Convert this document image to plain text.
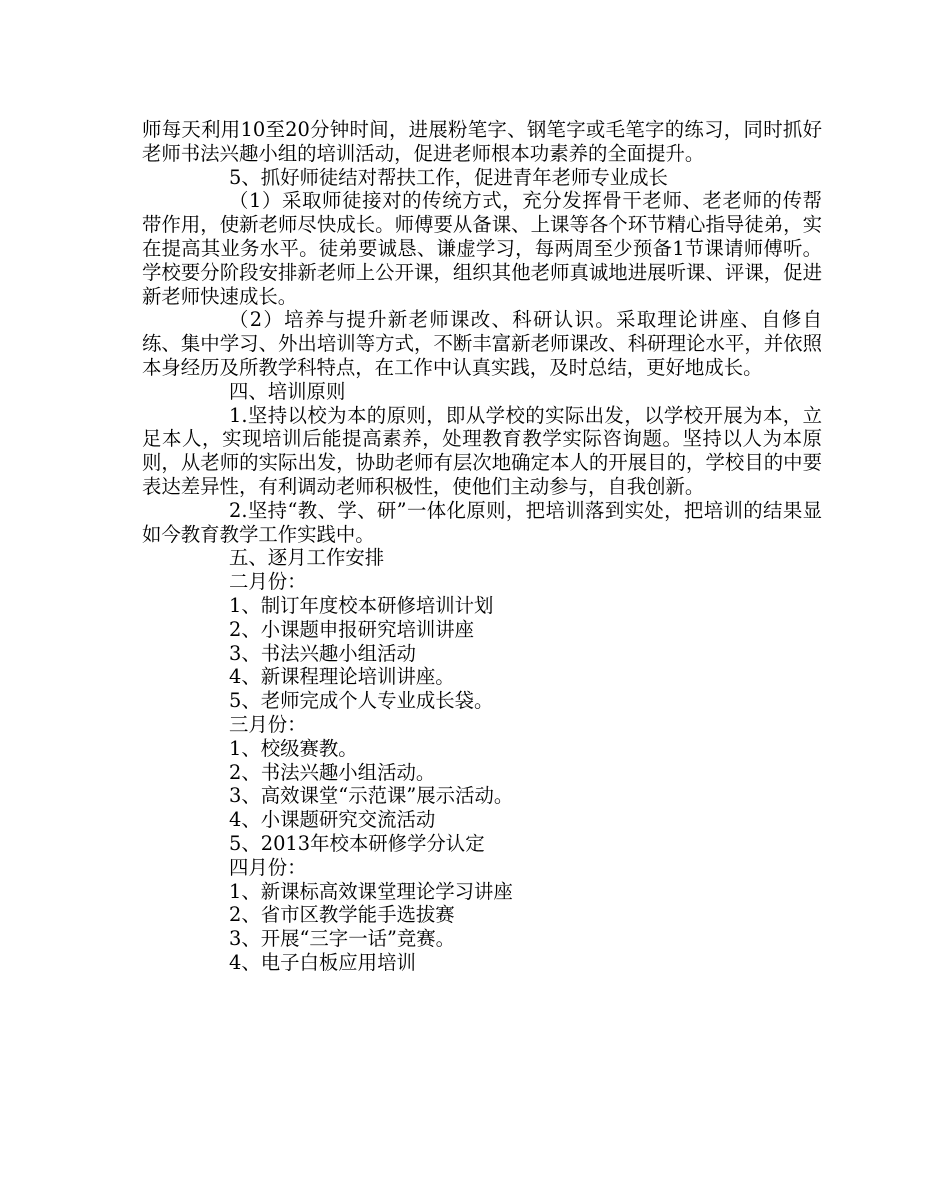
师每天利用10至20分钟时间，进展粉笔字、钢笔字或毛笔字的练习，同时抓好老师书法兴趣小组的培训活动，促进老师根本功素养的全面提升。

5、抓好师徒结对帮扶工作，促进青年老师专业成长

（1）采取师徒接对的传统方式，充分发挥骨干老师、老老师的传帮带作用，使新老师尽快成长。师傅要从备课、上课等各个环节精心指导徒弟，实在提高其业务水平。徒弟要诚恳、谦虚学习，每两周至少预备1节课请师傅听。学校要分阶段安排新老师上公开课，组织其他老师真诚地进展听课、评课，促进新老师快速成长。

（2）培养与提升新老师课改、科研认识。采取理论讲座、自修自练、集中学习、外出培训等方式，不断丰富新老师课改、科研理论水平，并依照本身经历及所教学科特点，在工作中认真实践，及时总结，更好地成长。

四、培训原则

1.坚持以校为本的原则，即从学校的实际出发，以学校开展为本，立足本人，实现培训后能提高素养，处理教育教学实际咨询题。坚持以人为本原则，从老师的实际出发，协助老师有层次地确定本人的开展目的，学校目的中要表达差异性，有利调动老师积极性，使他们主动参与，自我创新。

2.坚持“教、学、研”一体化原则，把培训落到实处，把培训的结果显如今教育教学工作实践中。

五、逐月工作安排

二月份：

1、制订年度校本研修培训计划

2、小课题申报研究培训讲座

3、书法兴趣小组活动

4、新课程理论培训讲座。

5、老师完成个人专业成长袋。

三月份：

1、校级赛教。

2、书法兴趣小组活动。

3、高效课堂“示范课”展示活动。

4、小课题研究交流活动

5、2013年校本研修学分认定

四月份：

1、新课标高效课堂理论学习讲座

2、省市区教学能手选拔赛

3、开展“三字一话”竞赛。

4、电子白板应用培训
